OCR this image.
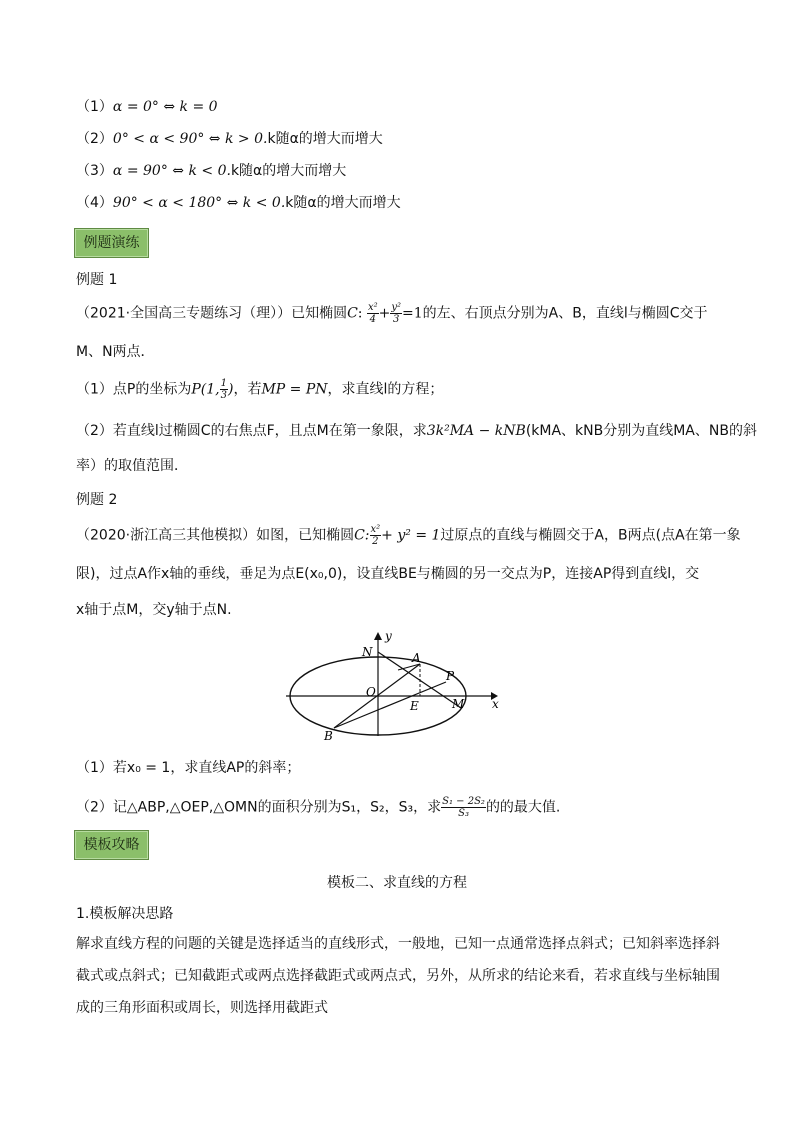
（1）α = 0° ⇔ k = 0
（2）0° < α < 90° ⇔ k > 0.k随α的增大而增大
（3）α = 90° ⇔ k < 0.k随α的增大而增大
（4）90° < α < 180° ⇔ k < 0.k随α的增大而增大
例题演练
例题 1
（2021·全国高三专题练习（理））已知椭圆C: $\frac{\text{x²}}{4} + \frac{\text{y²}}{3} =1$的左、右顶点分别为A、B，直线l与椭圆C交于
M、N两点．
（1）点P的坐标为P(1, $\frac{1}{3}$ )，若MP = PN，求直线l的方程；
（2）若直线l过椭圆C的右焦点F，且点M在第一象限，求3k²MA − kNB(kMA、kNB分别为直线MA、NB的斜
率）的取值范围．
例题 2
（2020·浙江高三其他模拟）如图，已知椭圆C: $\frac{\text{x²}}{2} + y^2 = 1$过原点的直线与椭圆交于A，B两点(点A在第一象
限)，过点A作x轴的垂线，垂足为点E(x₀,0)，设直线BE与椭圆的另一交点为P，连接AP得到直线l，交
x轴于点M，交y轴于点N.
y
x
N	A
P
O
E	M
B
（1）若x₀ = 1，求直线AP的斜率；
（2）记△ABP,△OEP,△OMN的面积分别为S₁，S₂，S₃，求 $\frac{\text{S₁ − 2S₂}}{\text{S₃}}$ 的的最大值.
模板攻略
模板二、求直线的方程
1.模板解决思路
解求直线方程的问题的关键是选择适当的直线形式，一般地，已知一点通常选择点斜式；已知斜率选择斜
截式或点斜式；已知截距式或两点选择截距式或两点式，另外，从所求的结论来看，若求直线与坐标轴围
成的三角形面积或周长，则选择用截距式
